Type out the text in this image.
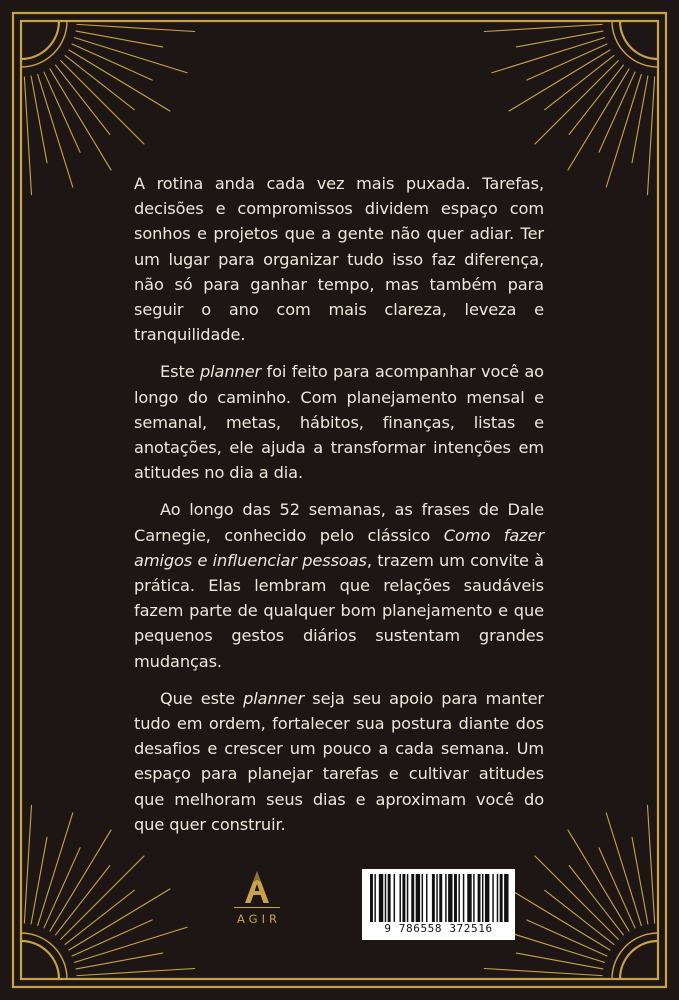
A rotina anda cada vez mais puxada. Tarefas, decisões e compromissos dividem espaço com sonhos e projetos que a gente não quer adiar. Ter um lugar para organizar tudo isso faz diferença, não só para ganhar tempo, mas também para seguir o ano com mais clareza, leveza e tranquilidade.

Este planner foi feito para acompanhar você ao longo do caminho. Com planejamento mensal e semanal, metas, hábitos, finanças, listas e anotações, ele ajuda a transformar intenções em atitudes no dia a dia.

Ao longo das 52 semanas, as frases de Dale Carnegie, conhecido pelo clássico Como fazer amigos e influenciar pessoas, trazem um convite à prática. Elas lembram que relações saudáveis fazem parte de qualquer bom planejamento e que pequenos gestos diários sustentam grandes mudanças.

Que este planner seja seu apoio para manter tudo em ordem, fortalecer sua postura diante dos desafios e crescer um pouco a cada semana. Um espaço para planejar tarefas e cultivar atitudes que melhoram seus dias e aproximam você do que quer construir.

AGIR
9 786558 372516
